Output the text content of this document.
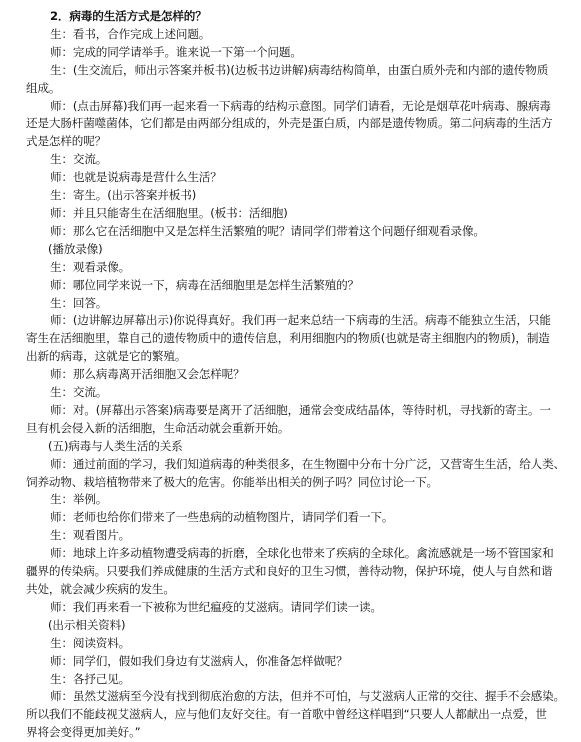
2．病毒的生活方式是怎样的？
生：看书，合作完成上述问题。
师：完成的同学请举手。谁来说一下第一个问题。
生：(生交流后，师出示答案并板书)(边板书边讲解)病毒结构简单，由蛋白质外壳和内部的遗传物质
组成。
师：(点击屏幕)我们再一起来看一下病毒的结构示意图。同学们请看，无论是烟草花叶病毒、腺病毒
还是大肠杆菌噬菌体，它们都是由两部分组成的，外壳是蛋白质，内部是遗传物质。第二问病毒的生活方
式是怎样的呢？
生：交流。
师：也就是说病毒是营什么生活？
生：寄生。(出示答案并板书)
师：并且只能寄生在活细胞里。(板书：活细胞)
师：那么它在活细胞中又是怎样生活繁殖的呢？请同学们带着这个问题仔细观看录像。
(播放录像)
生：观看录像。
师：哪位同学来说一下，病毒在活细胞里是怎样生活繁殖的？
生：回答。
师：(边讲解边屏幕出示)你说得真好。我们再一起来总结一下病毒的生活。病毒不能独立生活，只能
寄生在活细胞里，靠自己的遗传物质中的遗传信息，利用细胞内的物质(也就是寄主细胞内的物质)，制造
出新的病毒，这就是它的繁殖。
师：那么病毒离开活细胞又会怎样呢？
生：交流。
师：对。(屏幕出示答案)病毒要是离开了活细胞，通常会变成结晶体，等待时机，寻找新的寄主。一
旦有机会侵入新的活细胞，生命活动就会重新开始。
(五)病毒与人类生活的关系
师：通过前面的学习，我们知道病毒的种类很多，在生物圈中分布十分广泛，又营寄生生活，给人类、
饲养动物、栽培植物带来了极大的危害。你能举出相关的例子吗？同位讨论一下。
生：举例。
师：老师也给你们带来了一些患病的动植物图片，请同学们看一下。
生：观看图片。
师：地球上许多动植物遭受病毒的折磨，全球化也带来了疾病的全球化。禽流感就是一场不管国家和
疆界的传染病。只要我们养成健康的生活方式和良好的卫生习惯，善待动物，保护环境，使人与自然和谐
共处，就会减少疾病的发生。
师：我们再来看一下被称为世纪瘟疫的艾滋病。请同学们读一读。
(出示相关资料)
生：阅读资料。
师：同学们，假如我们身边有艾滋病人，你准备怎样做呢？
生：各抒己见。
师：虽然艾滋病至今没有找到彻底治愈的方法，但并不可怕，与艾滋病人正常的交往、握手不会感染。
所以我们不能歧视艾滋病人，应与他们友好交往。有一首歌中曾经这样唱到“只要人人都献出一点爱，世
界将会变得更加美好。”
